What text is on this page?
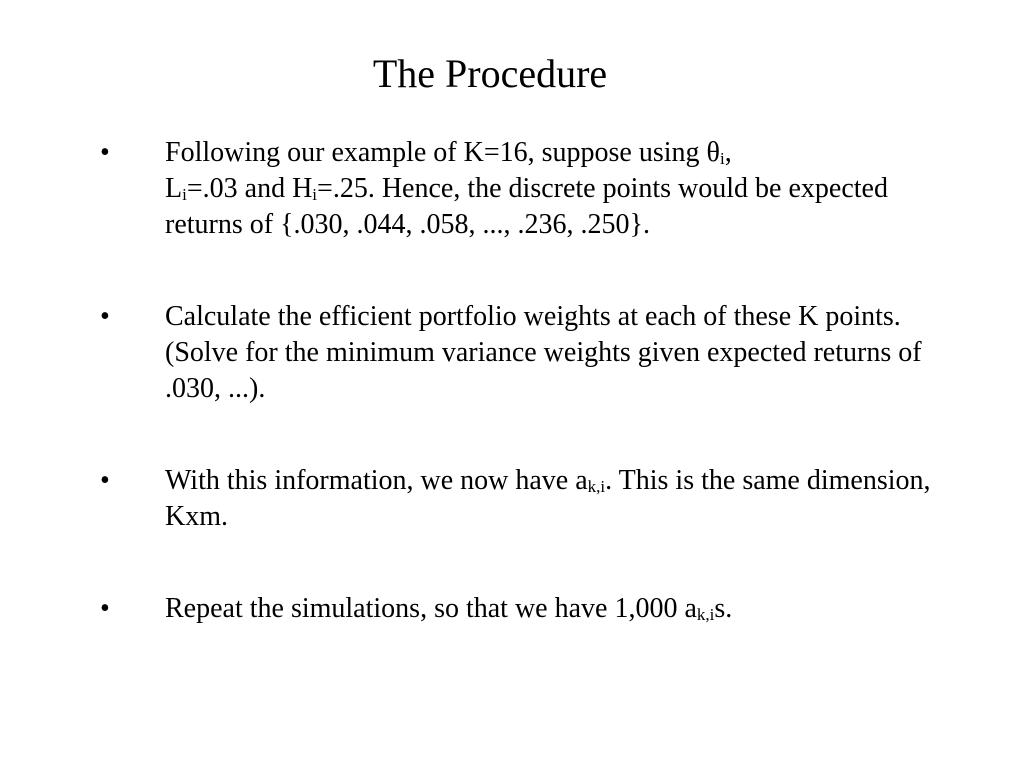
The Procedure
•	Following our example of K=16, suppose using $\theta_i$,
$L_i=.03$ and $H_i=.25$. Hence, the discrete points would be expected returns of {.030, .044, .058, ..., .236, .250}.
•	Calculate the efficient portfolio weights at each of these K points. (Solve for the minimum variance weights given expected returns of .030, ...).
•	With this information, we now have $a_{k,i}$. This is the same dimension, Kxm.
•	Repeat the simulations, so that we have 1,000 $a_{k,i}s$.
